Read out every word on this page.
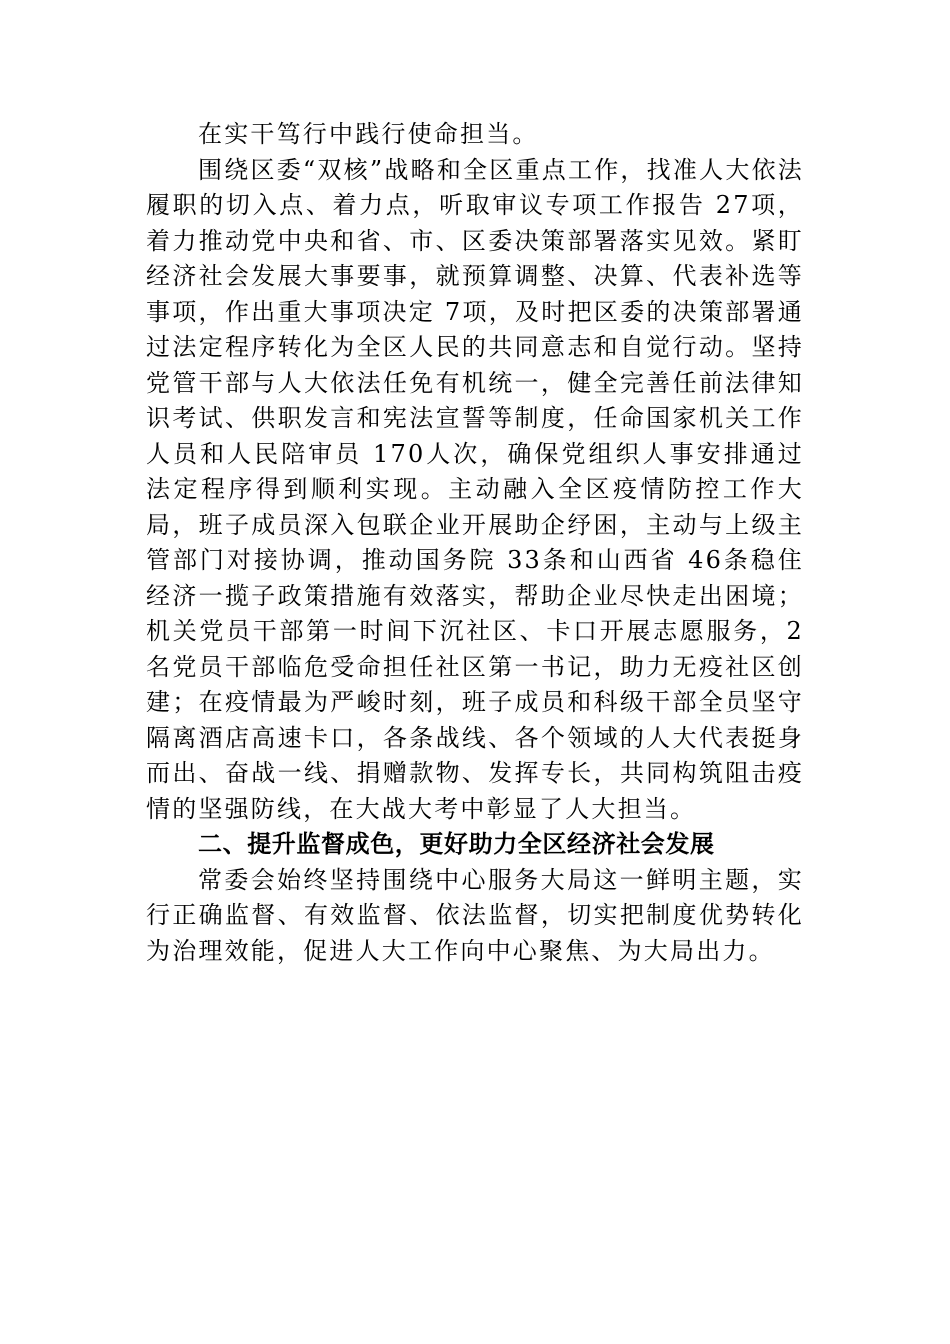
在实干笃行中践行使命担当。

围绕区委“双核”战略和全区重点工作，找准人大依法履职的切入点、着力点，听取审议专项工作报告 27项，着力推动党中央和省、市、区委决策部署落实见效。紧盯经济社会发展大事要事，就预算调整、决算、代表补选等事项，作出重大事项决定 7项，及时把区委的决策部署通过法定程序转化为全区人民的共同意志和自觉行动。坚持党管干部与人大依法任免有机统一，健全完善任前法律知识考试、供职发言和宪法宣誓等制度，任命国家机关工作人员和人民陪审员 170人次，确保党组织人事安排通过法定程序得到顺利实现。主动融入全区疫情防控工作大局，班子成员深入包联企业开展助企纾困，主动与上级主管部门对接协调，推动国务院 33条和山西省 46条稳住经济一揽子政策措施有效落实，帮助企业尽快走出困境；机关党员干部第一时间下沉社区、卡口开展志愿服务，2名党员干部临危受命担任社区第一书记，助力无疫社区创建；在疫情最为严峻时刻，班子成员和科级干部全员坚守隔离酒店高速卡口，各条战线、各个领域的人大代表挺身而出、奋战一线、捐赠款物、发挥专长，共同构筑阻击疫情的坚强防线，在大战大考中彰显了人大担当。

二、提升监督成色，更好助力全区经济社会发展

常委会始终坚持围绕中心服务大局这一鲜明主题，实行正确监督、有效监督、依法监督，切实把制度优势转化为治理效能，促进人大工作向中心聚焦、为大局出力。
